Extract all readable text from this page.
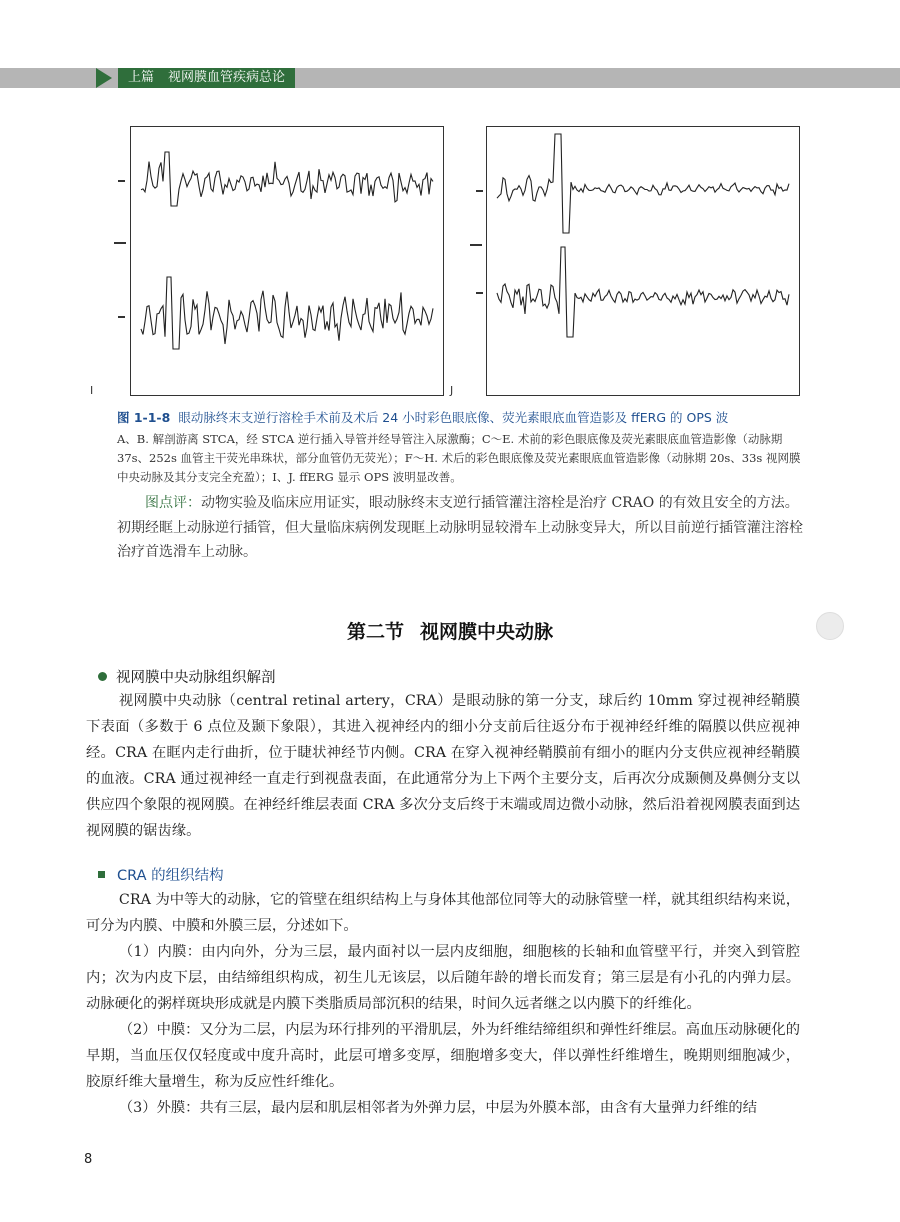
上篇 视网膜血管疾病总论
I	J
图 1-1-8 眼动脉终末支逆行溶栓手术前及术后 24 小时彩色眼底像、荧光素眼底血管造影及 ffERG 的 OPS 波
A、B. 解剖游离 STCA，经 STCA 逆行插入导管并经导管注入尿激酶；C～E. 术前的彩色眼底像及荧光素眼底血管造影像（动脉期 37s、252s 血管主干荧光串珠状，部分血管仍无荧光）；F～H. 术后的彩色眼底像及荧光素眼底血管造影像（动脉期 20s、33s 视网膜中央动脉及其分支完全充盈）；I、J. ffERG 显示 OPS 波明显改善。
图点评：动物实验及临床应用证实，眼动脉终末支逆行插管灌注溶栓是治疗 CRAO 的有效且安全的方法。初期经眶上动脉逆行插管，但大量临床病例发现眶上动脉明显较滑车上动脉变异大，所以目前逆行插管灌注溶栓治疗首选滑车上动脉。
第二节 视网膜中央动脉
视网膜中央动脉组织解剖
视网膜中央动脉（central retinal artery，CRA）是眼动脉的第一分支，球后约 10mm 穿过视神经鞘膜下表面（多数于 6 点位及颞下象限），其进入视神经内的细小分支前后往返分布于视神经纤维的隔膜以供应视神经。CRA 在眶内走行曲折，位于睫状神经节内侧。CRA 在穿入视神经鞘膜前有细小的眶内分支供应视神经鞘膜的血液。CRA 通过视神经一直走行到视盘表面，在此通常分为上下两个主要分支，后再次分成颞侧及鼻侧分支以供应四个象限的视网膜。在神经纤维层表面 CRA 多次分支后终于末端或周边微小动脉，然后沿着视网膜表面到达视网膜的锯齿缘。
CRA 的组织结构
CRA 为中等大的动脉，它的管壁在组织结构上与身体其他部位同等大的动脉管壁一样，就其组织结构来说，可分为内膜、中膜和外膜三层，分述如下。
（1）内膜：由内向外，分为三层，最内面衬以一层内皮细胞，细胞核的长轴和血管壁平行，并突入到管腔内；次为内皮下层，由结缔组织构成，初生儿无该层，以后随年龄的增长而发育；第三层是有小孔的内弹力层。动脉硬化的粥样斑块形成就是内膜下类脂质局部沉积的结果，时间久远者继之以内膜下的纤维化。
（2）中膜：又分为二层，内层为环行排列的平滑肌层，外为纤维结缔组织和弹性纤维层。高血压动脉硬化的早期，当血压仅仅轻度或中度升高时，此层可增多变厚，细胞增多变大，伴以弹性纤维增生，晚期则细胞减少，胶原纤维大量增生，称为反应性纤维化。
（3）外膜：共有三层，最内层和肌层相邻者为外弹力层，中层为外膜本部，由含有大量弹力纤维的结
8
